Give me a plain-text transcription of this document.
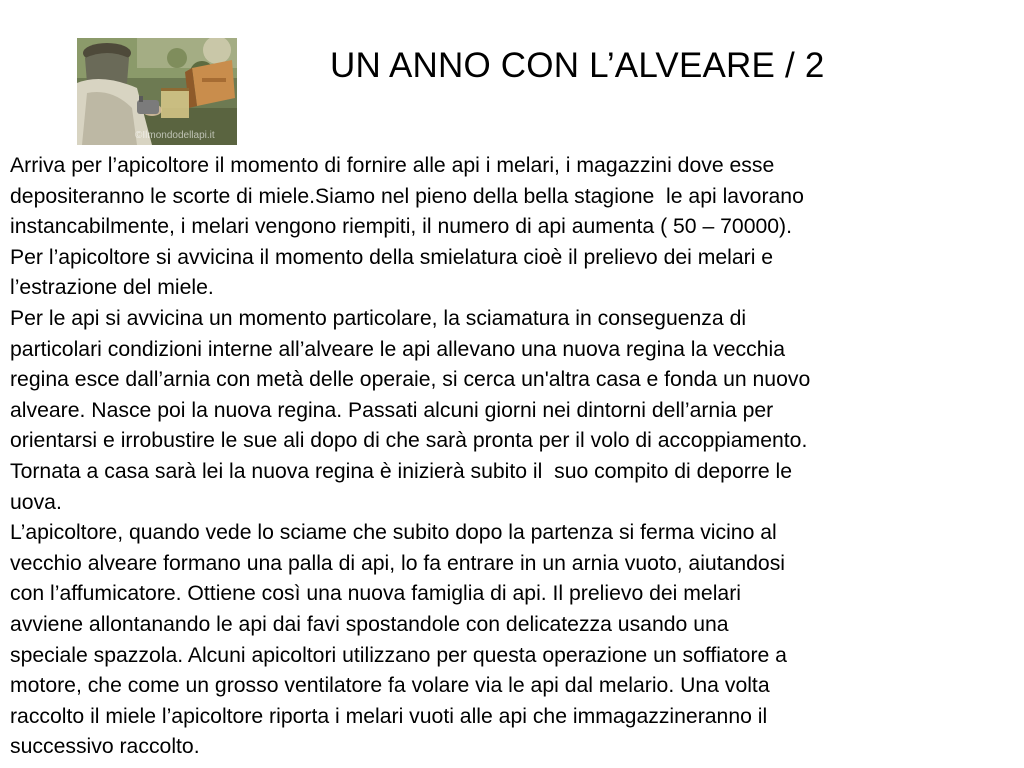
©Ilmondodellapi.it
UN ANNO CON L’ALVEARE / 2
Arriva per l’apicoltore il momento di fornire alle api i melari, i magazzini dove esse
depositeranno le scorte di miele.Siamo nel pieno della bella stagione  le api lavorano
instancabilmente, i melari vengono riempiti, il numero di api aumenta ( 50 – 70000).
Per l’apicoltore si avvicina il momento della smielatura cioè il prelievo dei melari e
l’estrazione del miele.
Per le api si avvicina un momento particolare, la sciamatura in conseguenza di
particolari condizioni interne all’alveare le api allevano una nuova regina la vecchia
regina esce dall’arnia con metà delle operaie, si cerca un'altra casa e fonda un nuovo
alveare. Nasce poi la nuova regina. Passati alcuni giorni nei dintorni dell’arnia per
orientarsi e irrobustire le sue ali dopo di che sarà pronta per il volo di accoppiamento.
Tornata a casa sarà lei la nuova regina è inizierà subito il  suo compito di deporre le
uova.
L’apicoltore, quando vede lo sciame che subito dopo la partenza si ferma vicino al
vecchio alveare formano una palla di api, lo fa entrare in un arnia vuoto, aiutandosi
con l’affumicatore. Ottiene così una nuova famiglia di api. Il prelievo dei melari
avviene allontanando le api dai favi spostandole con delicatezza usando una
speciale spazzola. Alcuni apicoltori utilizzano per questa operazione un soffiatore a
motore, che come un grosso ventilatore fa volare via le api dal melario. Una volta
raccolto il miele l’apicoltore riporta i melari vuoti alle api che immagazzineranno il
successivo raccolto.
